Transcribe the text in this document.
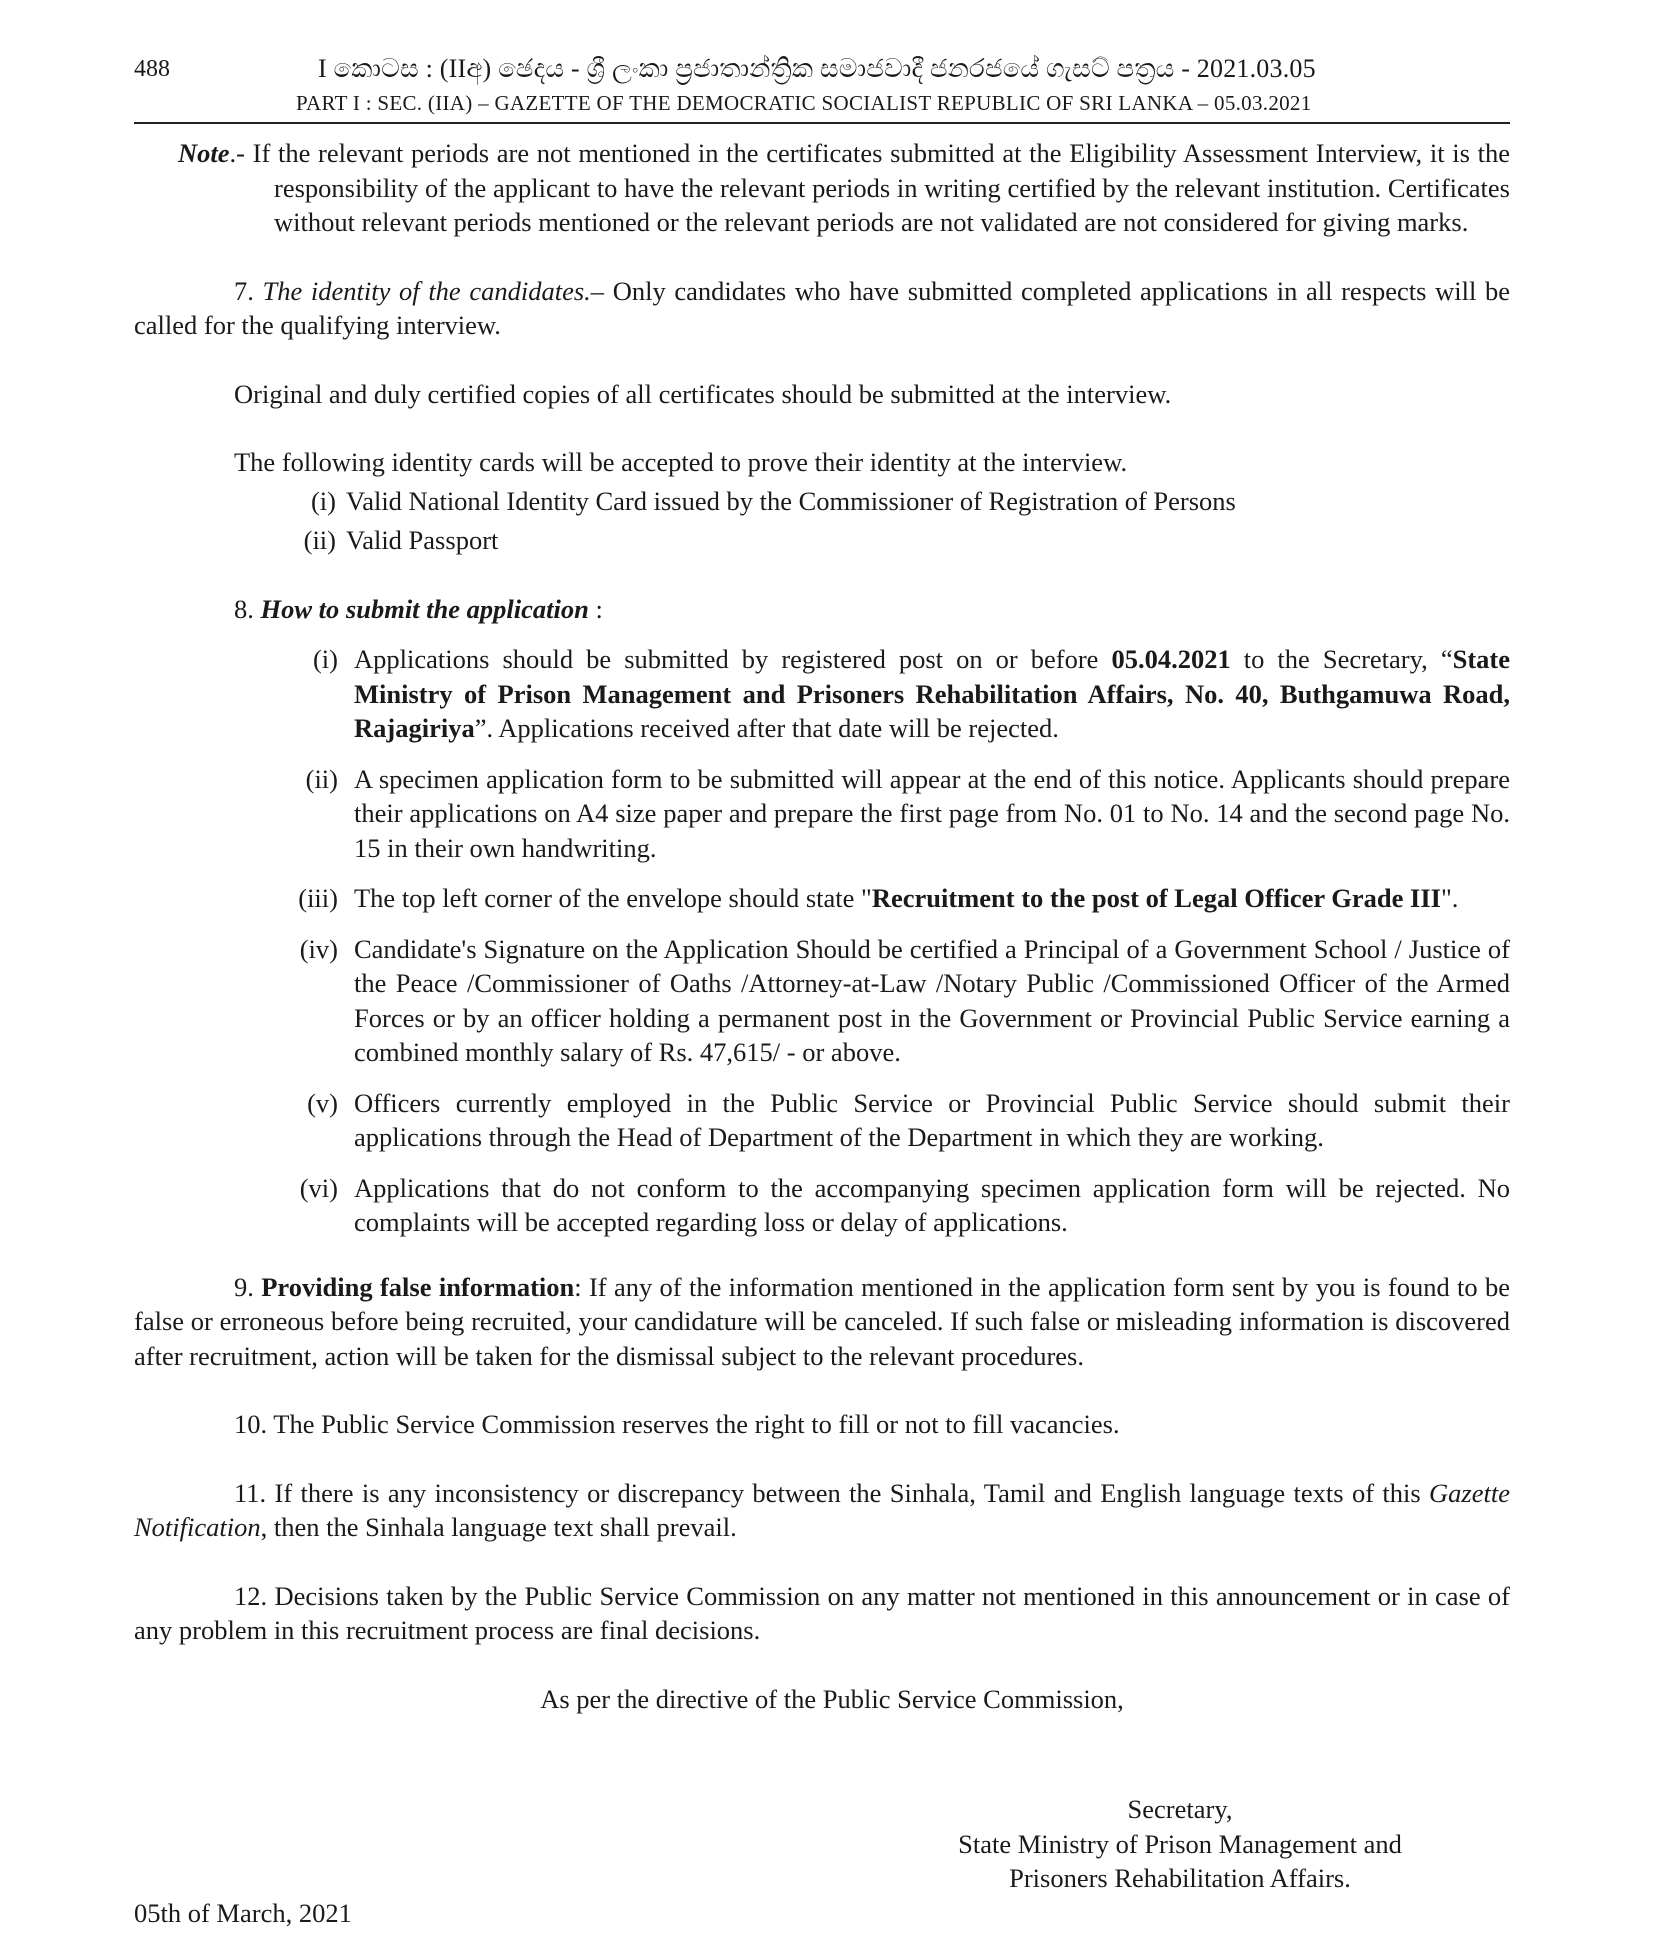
488	I කොටස : (IIඅ) ඡෙදය - ශ්‍රී ලංකා ප්‍රජාතාන්ත්‍රික සමාජවාදී ජනරජයේ ගැසට් පත්‍රය - 2021.03.05
PART I : SEC. (IIA) – GAZETTE OF THE DEMOCRATIC SOCIALIST REPUBLIC OF SRI LANKA – 05.03.2021

Note.- If the relevant periods are not mentioned in the certificates submitted at the Eligibility Assessment Interview, it is the responsibility of the applicant to have the relevant periods in writing certified by the relevant institution. Certificates without relevant periods mentioned or the relevant periods are not validated are not considered for giving marks.

7. The identity of the candidates.– Only candidates who have submitted completed applications in all respects will be called for the qualifying interview.

Original and duly certified copies of all certificates should be submitted at the interview.

The following identity cards will be accepted to prove their identity at the interview.

(i) Valid National Identity Card issued by the Commissioner of Registration of Persons
(ii) Valid Passport

8. How to submit the application :

(i) Applications should be submitted by registered post on or before 05.04.2021 to the Secretary, “State Ministry of Prison Management and Prisoners Rehabilitation Affairs, No. 40, Buthgamuwa Road, Rajagiriya”. Applications received after that date will be rejected.
(ii) A specimen application form to be submitted will appear at the end of this notice. Applicants should prepare their applications on A4 size paper and prepare the first page from No. 01 to No. 14 and the second page No. 15 in their own handwriting.
(iii) The top left corner of the envelope should state "Recruitment to the post of Legal Officer Grade III".
(iv) Candidate's Signature on the Application Should be certified a Principal of a Government School / Justice of the Peace /Commissioner of Oaths /Attorney-at-Law /Notary Public /Commissioned Officer of the Armed Forces or by an officer holding a permanent post in the Government or Provincial Public Service earning a combined monthly salary of Rs. 47,615/ - or above.
(v) Officers currently employed in the Public Service or Provincial Public Service should submit their applications through the Head of Department of the Department in which they are working.
(vi) Applications that do not conform to the accompanying specimen application form will be rejected. No complaints will be accepted regarding loss or delay of applications.

9. Providing false information: If any of the information mentioned in the application form sent by you is found to be false or erroneous before being recruited, your candidature will be canceled. If such false or misleading information is discovered after recruitment, action will be taken for the dismissal subject to the relevant procedures.

10. The Public Service Commission reserves the right to fill or not to fill vacancies.

11. If there is any inconsistency or discrepancy between the Sinhala, Tamil and English language texts of this Gazette Notification, then the Sinhala language text shall prevail.

12. Decisions taken by the Public Service Commission on any matter not mentioned in this announcement or in case of any problem in this recruitment process are final decisions.

As per the directive of the Public Service Commission,

Secretary,
State Ministry of Prison Management and
Prisoners Rehabilitation Affairs.
05th of March, 2021
